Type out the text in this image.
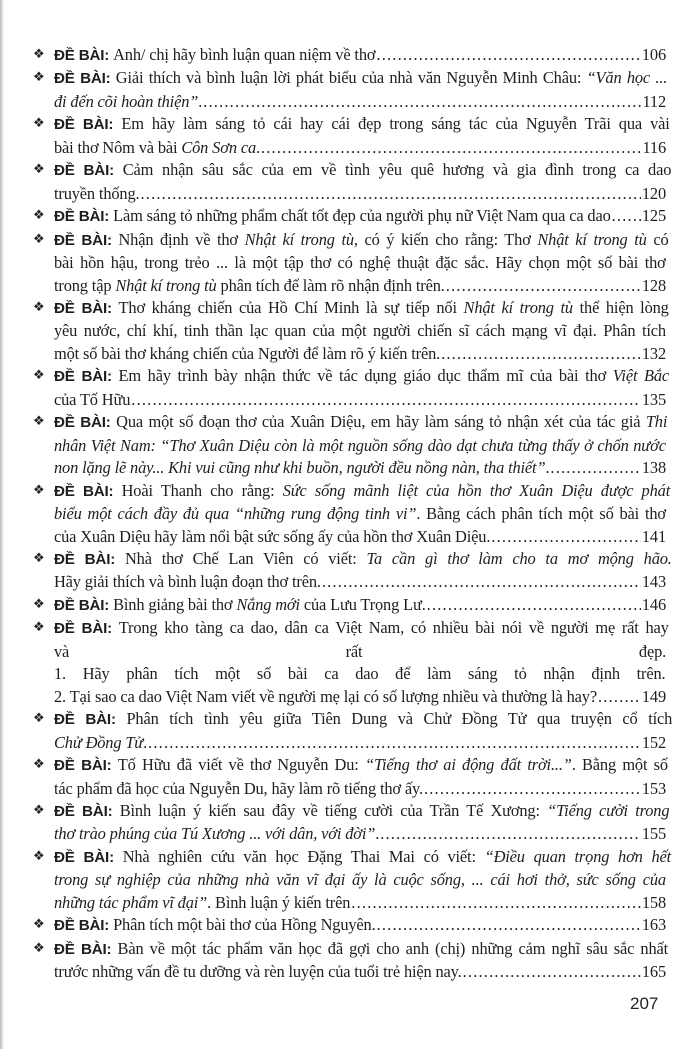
❖ ĐỀ BÀI: Anh/ chị hãy bình luận quan niệm về thơ .....	106
❖ ĐỀ BÀI: Giải thích và bình luận lời phát biểu của nhà văn Nguyễn Minh Châu: “Văn học ...
đi đến cõi hoàn thiện”. .....	112
❖ ĐỀ BÀI: Em hãy làm sáng tỏ cái hay cái đẹp trong sáng tác của Nguyễn Trãi qua vài
bài thơ Nôm và bài Côn Sơn ca. .....	116
❖ ĐỀ BÀI: Cảm nhận sâu sắc của em về tình yêu quê hương và gia đình trong ca dao
truyền thống. .....	120
❖ ĐỀ BÀI: Làm sáng tỏ những phẩm chất tốt đẹp của người phụ nữ Việt Nam qua ca dao ..... 125
❖ ĐỀ BÀI: Nhận định về thơ Nhật kí trong tù, có ý kiến cho rằng: Thơ Nhật kí trong tù có
bài hồn hậu, trong trẻo ... là một tập thơ có nghệ thuật đặc sắc. Hãy chọn một số bài thơ
trong tập Nhật kí trong tù phân tích để làm rõ nhận định trên. .....	128
❖ ĐỀ BÀI: Thơ kháng chiến của Hồ Chí Minh là sự tiếp nối Nhật kí trong tù thể hiện lòng
yêu nước, chí khí, tinh thần lạc quan của một người chiến sĩ cách mạng vĩ đại. Phân tích
một số bài thơ kháng chiến của Người để làm rõ ý kiến trên. .....	132
❖ ĐỀ BÀI: Em hãy trình bày nhận thức về tác dụng giáo dục thẩm mĩ của bài thơ Việt Bắc
của Tố Hữu .....	135
❖ ĐỀ BÀI: Qua một số đoạn thơ của Xuân Diệu, em hãy làm sáng tỏ nhận xét của tác giả Thi
nhân Việt Nam: “Thơ Xuân Diệu còn là một nguồn sống dào dạt chưa từng thấy ở chốn nước
non lặng lẽ này... Khi vui cũng như khi buồn, người đều nồng nàn, tha thiết”. .....	138
❖ ĐỀ BÀI: Hoài Thanh cho rằng: Sức sống mãnh liệt của hồn thơ Xuân Diệu được phát
biểu một cách đầy đủ qua “những rung động tinh vi”. Bằng cách phân tích một số bài thơ
của Xuân Diệu hãy làm nổi bật sức sống ấy của hồn thơ Xuân Diệu. .....	141
❖ ĐỀ BÀI: Nhà thơ Chế Lan Viên có viết: Ta cần gì thơ làm cho ta mơ mộng hão.
Hãy giải thích và bình luận đoạn thơ trên. .....	143
❖ ĐỀ BÀI: Bình giảng bài thơ Nắng mới của Lưu Trọng Lư. .....	146
❖ ĐỀ BÀI: Trong kho tàng ca dao, dân ca Việt Nam, có nhiều bài nói về người mẹ rất hay
và rất đẹp.
1. Hãy phân tích một số bài ca dao để làm sáng tỏ nhận định trên.
2. Tại sao ca dao Việt Nam viết về người mẹ lại có số lượng nhiều và thường là hay? .....	149
❖ ĐỀ BÀI: Phân tích tình yêu giữa Tiên Dung và Chử Đồng Tử qua truyện cổ tích
Chử Đồng Tử. .....	152
❖ ĐỀ BÀI: Tố Hữu đã viết về thơ Nguyễn Du: “Tiếng thơ ai động đất trời...”. Bằng một số
tác phẩm đã học của Nguyễn Du, hãy làm rõ tiếng thơ ấy. .....	153
❖ ĐỀ BÀI: Bình luận ý kiến sau đây về tiếng cười của Trần Tế Xương: “Tiếng cười trong
thơ trào phúng của Tú Xương ... với dân, với đời”. .....	155
❖ ĐỀ BÀI: Nhà nghiên cứu văn học Đặng Thai Mai có viết: “Điều quan trọng hơn hết
trong sự nghiệp của những nhà văn vĩ đại ấy là cuộc sống, ... cái hơi thở, sức sống của
những tác phẩm vĩ đại”. Bình luận ý kiến trên .....	158
❖ ĐỀ BÀI: Phân tích một bài thơ của Hồng Nguyên. .....	163
❖ ĐỀ BÀI: Bàn về một tác phẩm văn học đã gợi cho anh (chị) những cảm nghĩ sâu sắc nhất
trước những vấn đề tu dưỡng và rèn luyện của tuổi trẻ hiện nay. .....	165
207
